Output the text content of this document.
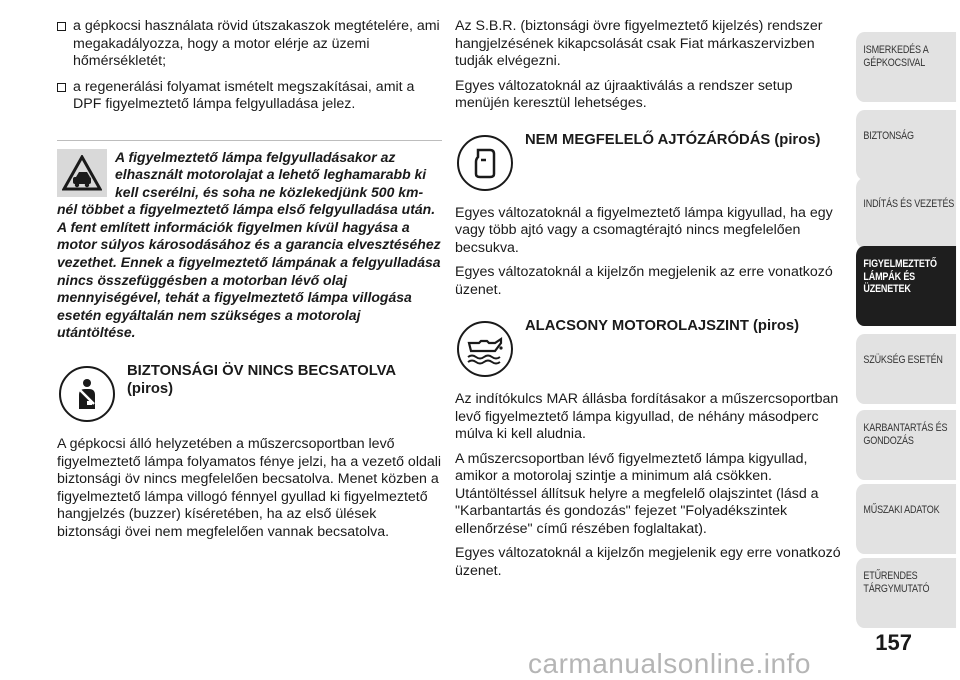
a gépkocsi használata rövid útszakaszok megtételére, ami megakadályozza, hogy a motor elérje az üzemi hőmérsékletét;
a regenerálási folyamat ismételt megszakításai, amit a DPF figyelmeztető lámpa felgyulladása jelez.
A figyelmeztető lámpa felgyulladásakor az elhasznált motorolajat a lehető leghamarabb ki kell cserélni, és soha ne közlekedjünk 500 km-nél többet a figyelmeztető lámpa első felgyulladása után. A fent említett információk figyelmen kívül hagyása a motor súlyos károsodásához és a garancia elvesztéséhez vezethet. Ennek a figyelmeztető lámpának a felgyulladása nincs összefüggésben a motorban lévő olaj mennyiségével, tehát a figyelmeztető lámpa villogása esetén egyáltalán nem szükséges a motorolaj utántöltése.
BIZTONSÁGI ÖV NINCS BECSATOLVA (piros)

A gépkocsi álló helyzetében a műszercsoportban levő figyelmeztető lámpa folyamatos fénye jelzi, ha a vezető oldali biztonsági öv nincs megfelelően becsatolva. Menet közben a figyelmeztető lámpa villogó fénnyel gyullad ki figyelmeztető hangjelzés (buzzer) kíséretében, ha az első ülések biztonsági övei nem megfelelően vannak becsatolva.

Az S.B.R. (biztonsági övre figyelmeztető kijelzés) rendszer hangjelzésének kikapcsolását csak Fiat márkaszervizben tudják elvégezni.

Egyes változatoknál az újraaktiválás a rendszer setup menüjén keresztül lehetséges.

NEM MEGFELELŐ AJTÓZÁRÓDÁS (piros)

Egyes változatoknál a figyelmeztető lámpa kigyullad, ha egy vagy több ajtó vagy a csomagtérajtó nincs megfelelően becsukva.

Egyes változatoknál a kijelzőn megjelenik az erre vonatkozó üzenet.

ALACSONY MOTOROLAJSZINT (piros)

Az indítókulcs MAR állásba fordításakor a műszercsoportban levő figyelmeztető lámpa kigyullad, de néhány másodperc múlva ki kell aludnia.

A műszercsoportban lévő figyelmeztető lámpa kigyullad, amikor a motorolaj szintje a minimum alá csökken. Utántöltéssel állítsuk helyre a megfelelő olajszintet (lásd a "Karbantartás és gondozás" fejezet "Folyadékszintek ellenőrzése" című részében foglaltakat).

Egyes változatoknál a kijelzőn megjelenik egy erre vonatkozó üzenet.

ISMERKEDÉS A
GÉPKOCSIVAL
BIZTONSÁG
INDÍTÁS ÉS VEZETÉS
FIGYELMEZTETŐ
LÁMPÁK ÉS
ÜZENETEK
SZÜKSÉG ESETÉN
KARBANTARTÁS ÉS
GONDOZÁS
MŰSZAKI ADATOK
ETŰRENDES
TÁRGYMUTATÓ
157
carmanualsonline.info
